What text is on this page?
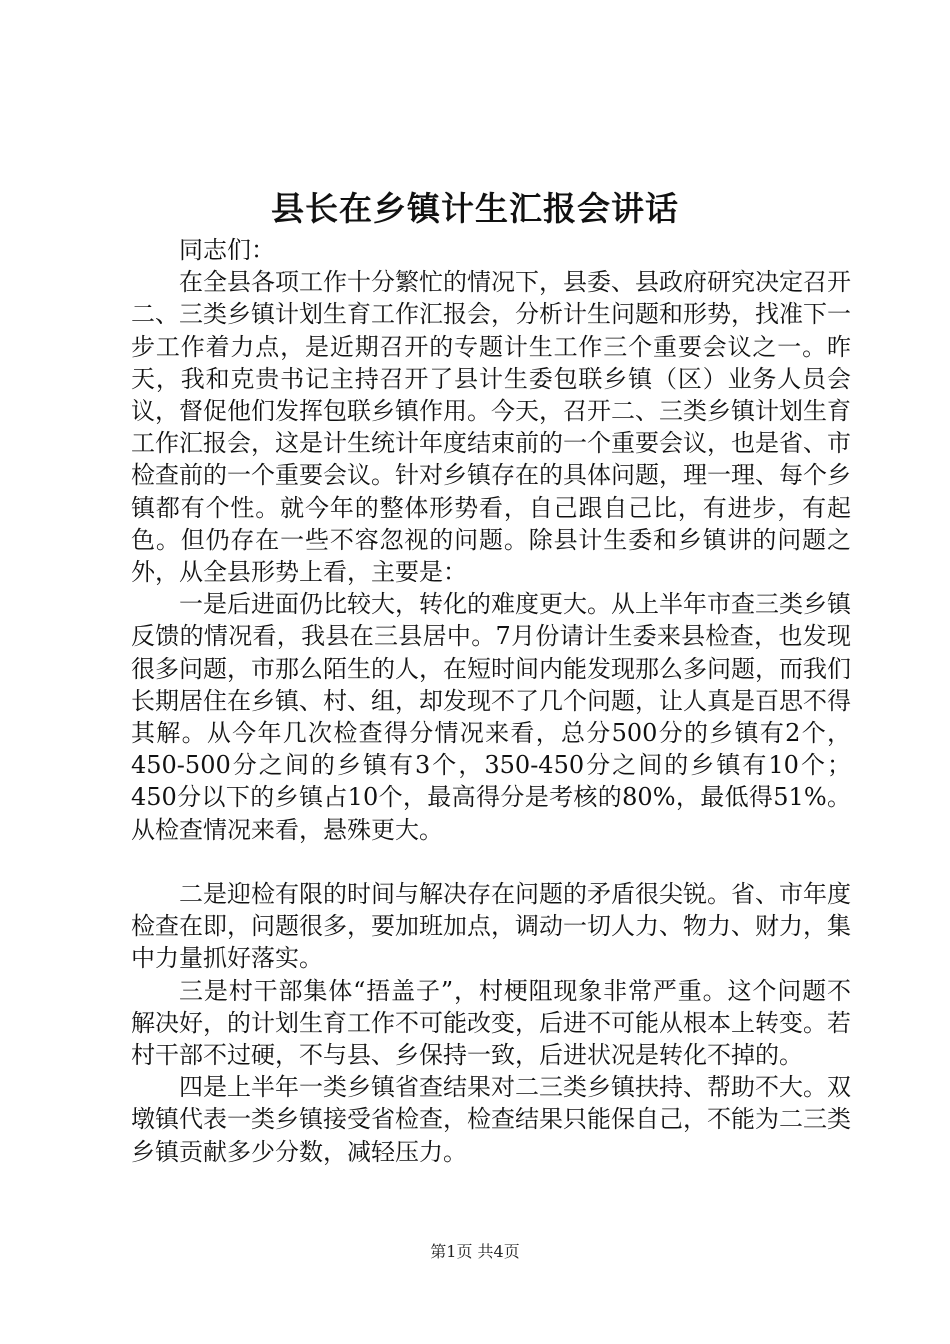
县长在乡镇计生汇报会讲话

同志们：

在全县各项工作十分繁忙的情况下，县委、县政府研究决定召开二、三类乡镇计划生育工作汇报会，分析计生问题和形势，找准下一步工作着力点，是近期召开的专题计生工作三个重要会议之一。昨天，我和克贵书记主持召开了县计生委包联乡镇（区）业务人员会议，督促他们发挥包联乡镇作用。今天，召开二、三类乡镇计划生育工作汇报会，这是计生统计年度结束前的一个重要会议，也是省、市检查前的一个重要会议。针对乡镇存在的具体问题，理一理、每个乡镇都有个性。就今年的整体形势看，自己跟自己比，有进步，有起色。但仍存在一些不容忽视的问题。除县计生委和乡镇讲的问题之外，从全县形势上看，主要是：

一是后进面仍比较大，转化的难度更大。从上半年市查三类乡镇反馈的情况看，我县在三县居中。7月份请计生委来县检查，也发现很多问题，市那么陌生的人，在短时间内能发现那么多问题，而我们长期居住在乡镇、村、组，却发现不了几个问题，让人真是百思不得其解。从今年几次检查得分情况来看，总分500分的乡镇有2个，450-500分之间的乡镇有3个，350-450分之间的乡镇有10个；450分以下的乡镇占10个，最高得分是考核的80%，最低得51%。从检查情况来看，悬殊更大。

二是迎检有限的时间与解决存在问题的矛盾很尖锐。省、市年度检查在即，问题很多，要加班加点，调动一切人力、物力、财力，集中力量抓好落实。

三是村干部集体“捂盖子”，村梗阻现象非常严重。这个问题不解决好，的计划生育工作不可能改变，后进不可能从根本上转变。若村干部不过硬，不与县、乡保持一致，后进状况是转化不掉的。

四是上半年一类乡镇省查结果对二三类乡镇扶持、帮助不大。双墩镇代表一类乡镇接受省检查，检查结果只能保自己，不能为二三类乡镇贡献多少分数，减轻压力。

第1页 共4页
